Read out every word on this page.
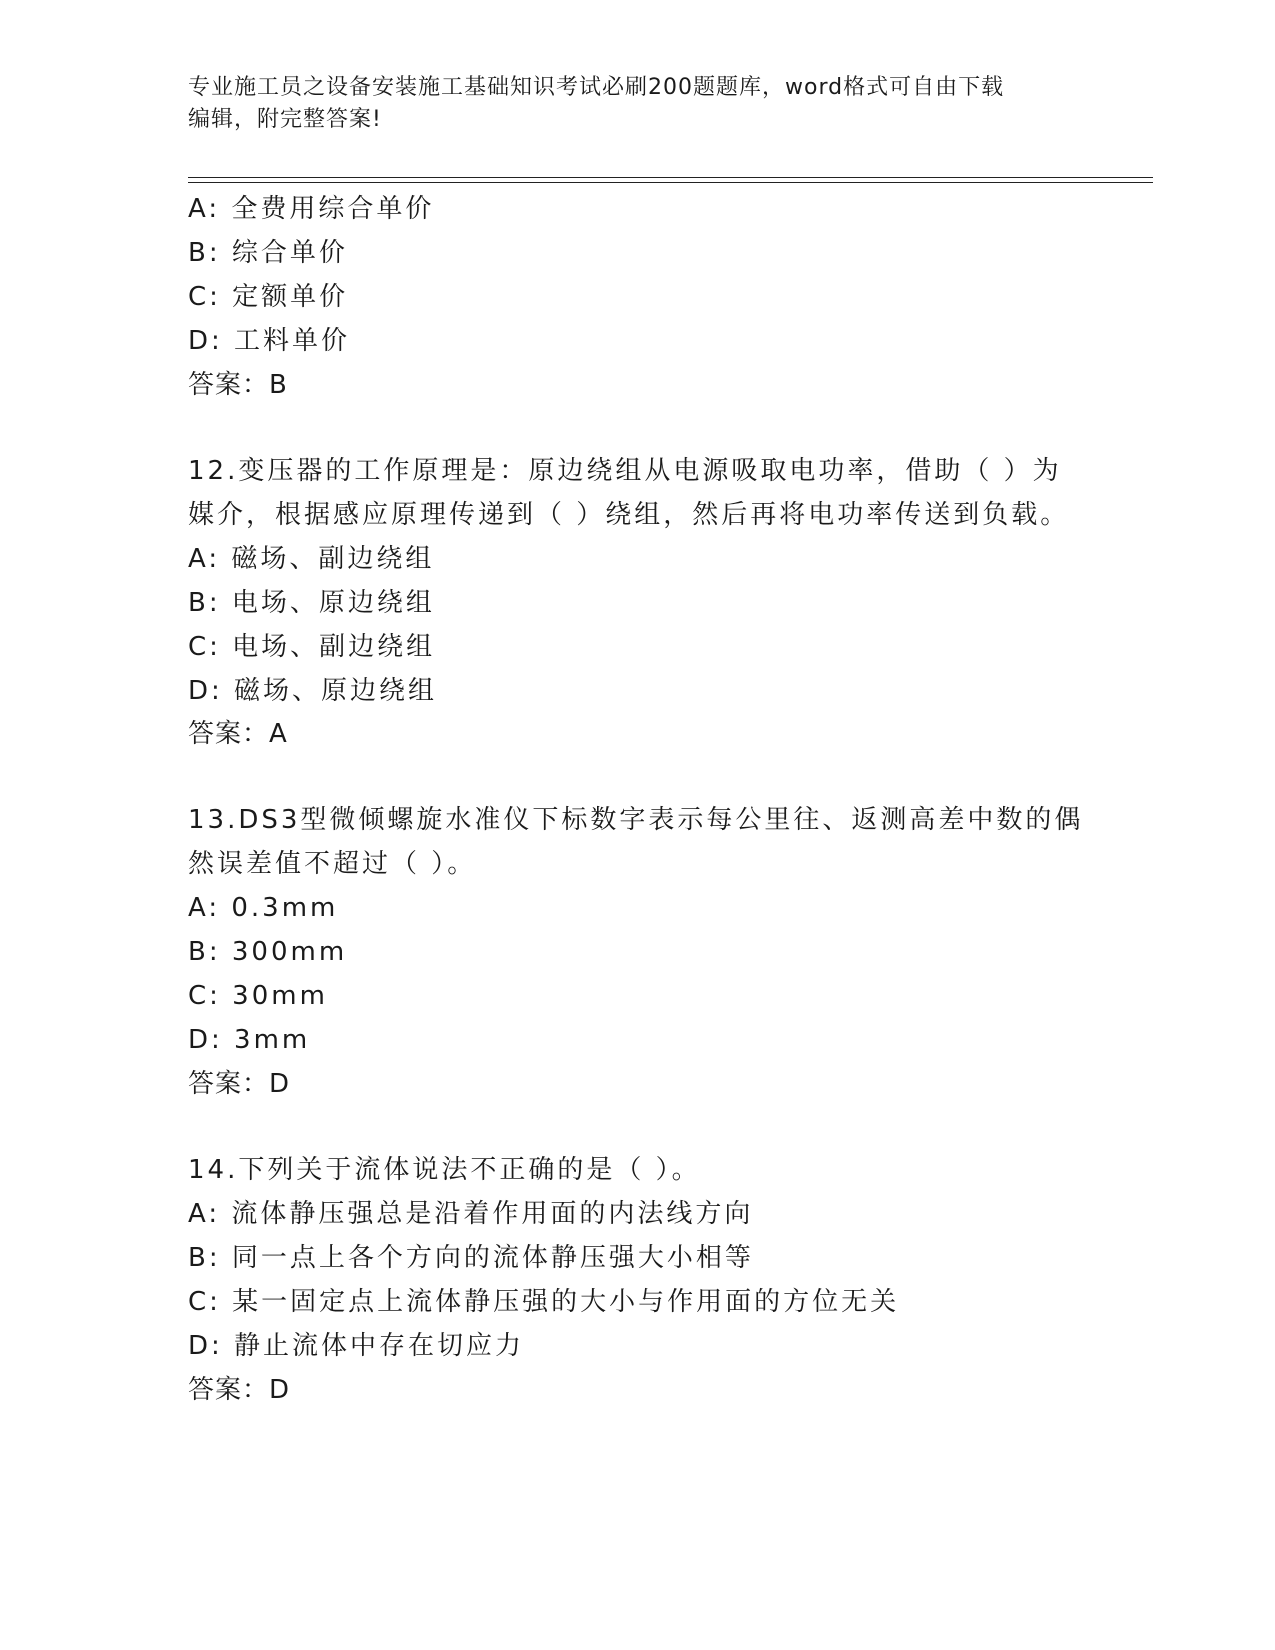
专业施工员之设备安装施工基础知识考试必刷200题题库，word格式可自由下载
编辑，附完整答案!
A: 全费用综合单价
B: 综合单价
C: 定额单价
D: 工料单价
答案：B
12.变压器的工作原理是：原边绕组从电源吸取电功率，借助（ ）为
媒介，根据感应原理传递到（ ）绕组，然后再将电功率传送到负载。
A: 磁场、副边绕组
B: 电场、原边绕组
C: 电场、副边绕组
D: 磁场、原边绕组
答案：A
13.DS3型微倾螺旋水准仪下标数字表示每公里往、返测高差中数的偶
然误差值不超过（ ）。
A: 0.3mm
B: 300mm
C: 30mm
D: 3mm
答案：D
14.下列关于流体说法不正确的是（ ）。
A: 流体静压强总是沿着作用面的内法线方向
B: 同一点上各个方向的流体静压强大小相等
C: 某一固定点上流体静压强的大小与作用面的方位无关
D: 静止流体中存在切应力
答案：D
